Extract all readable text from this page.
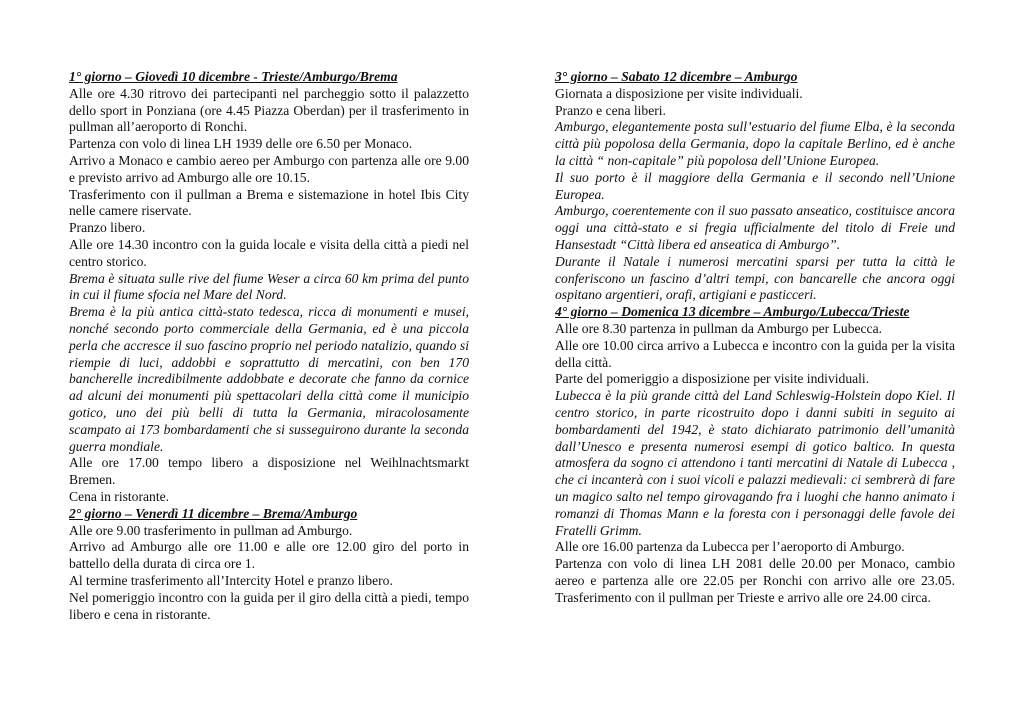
1° giorno – Giovedì 10 dicembre - Trieste/Amburgo/Brema

Alle ore 4.30 ritrovo dei partecipanti nel parcheggio sotto il palazzetto dello sport in Ponziana (ore 4.45 Piazza Oberdan) per il trasferimento in pullman all’aeroporto di Ronchi.

Partenza con volo di linea LH 1939 delle ore 6.50 per Monaco.

Arrivo a Monaco e cambio aereo per Amburgo con partenza alle ore 9.00 e previsto arrivo ad Amburgo alle ore 10.15.

Trasferimento con il pullman a Brema e sistemazione in hotel Ibis City nelle camere riservate.

Pranzo libero.

Alle ore 14.30 incontro con la guida locale e visita della città a piedi nel centro storico.

Brema è situata sulle rive del fiume Weser a circa 60 km prima del punto in cui il fiume sfocia nel Mare del Nord.

Brema è la più antica città-stato tedesca, ricca di monumenti e musei, nonché secondo porto commerciale della Germania, ed è una piccola perla che accresce il suo fascino proprio nel periodo natalizio, quando si riempie di luci, addobbi e soprattutto di mercatini, con ben 170 bancherelle incredibilmente addobbate e decorate che fanno da cornice ad alcuni dei monumenti più spettacolari della città come il municipio gotico, uno dei più belli di tutta la Germania, miracolosamente scampato ai 173 bombardamenti che si susseguirono durante la seconda guerra mondiale.

Alle ore 17.00 tempo libero a disposizione nel Weihlnachtsmarkt Bremen.

Cena in ristorante.

2° giorno – Venerdì 11 dicembre – Brema/Amburgo

Alle ore 9.00 trasferimento in pullman ad Amburgo.

Arrivo ad Amburgo alle ore 11.00 e alle ore 12.00 giro del porto in battello della durata di circa ore 1.

Al termine trasferimento all’Intercity Hotel e pranzo libero.

Nel pomeriggio incontro con la guida per il giro della città a piedi, tempo libero e cena in ristorante.

3° giorno – Sabato 12 dicembre – Amburgo

Giornata a disposizione per visite individuali.

Pranzo e cena liberi.

Amburgo, elegantemente posta sull’estuario del fiume Elba, è la seconda città più popolosa della Germania, dopo la capitale Berlino, ed è anche la città “ non-capitale” più popolosa dell’Unione Europea.

Il suo porto è il maggiore della Germania e il secondo nell’Unione Europea.

Amburgo, coerentemente con il suo passato anseatico, costituisce ancora oggi una città-stato e si fregia ufficialmente del titolo di Freie und Hansestadt “Città libera ed anseatica di Amburgo”.

Durante il Natale i numerosi mercatini sparsi per tutta la città le conferiscono un fascino d’altri tempi, con bancarelle che ancora oggi ospitano argentieri, orafi, artigiani e pasticceri.

4° giorno – Domenica 13 dicembre – Amburgo/Lubecca/Trieste

Alle ore 8.30 partenza in pullman da Amburgo per Lubecca.

Alle ore 10.00 circa arrivo a Lubecca e incontro con la guida per la visita della città.

Parte del pomeriggio a disposizione per visite individuali.

Lubecca è la più grande città del Land Schleswig-Holstein dopo Kiel. Il centro storico, in parte ricostruito dopo i danni subiti in seguito ai bombardamenti del 1942, è stato dichiarato patrimonio dell’umanità dall’Unesco e presenta numerosi esempi di gotico baltico. In questa atmosfera da sogno ci attendono i tanti mercatini di Natale di Lubecca , che ci incanterà con i suoi vicoli e palazzi medievali: ci sembrerà di fare un magico salto nel tempo girovagando fra i luoghi che hanno animato i romanzi di Thomas Mann e la foresta con i personaggi delle favole dei Fratelli Grimm.

Alle ore 16.00 partenza da Lubecca per l’aeroporto di Amburgo.

Partenza con volo di linea LH 2081 delle 20.00 per Monaco, cambio aereo e partenza alle ore 22.05 per Ronchi con arrivo alle ore 23.05. Trasferimento con il pullman per Trieste e arrivo alle ore 24.00 circa.
